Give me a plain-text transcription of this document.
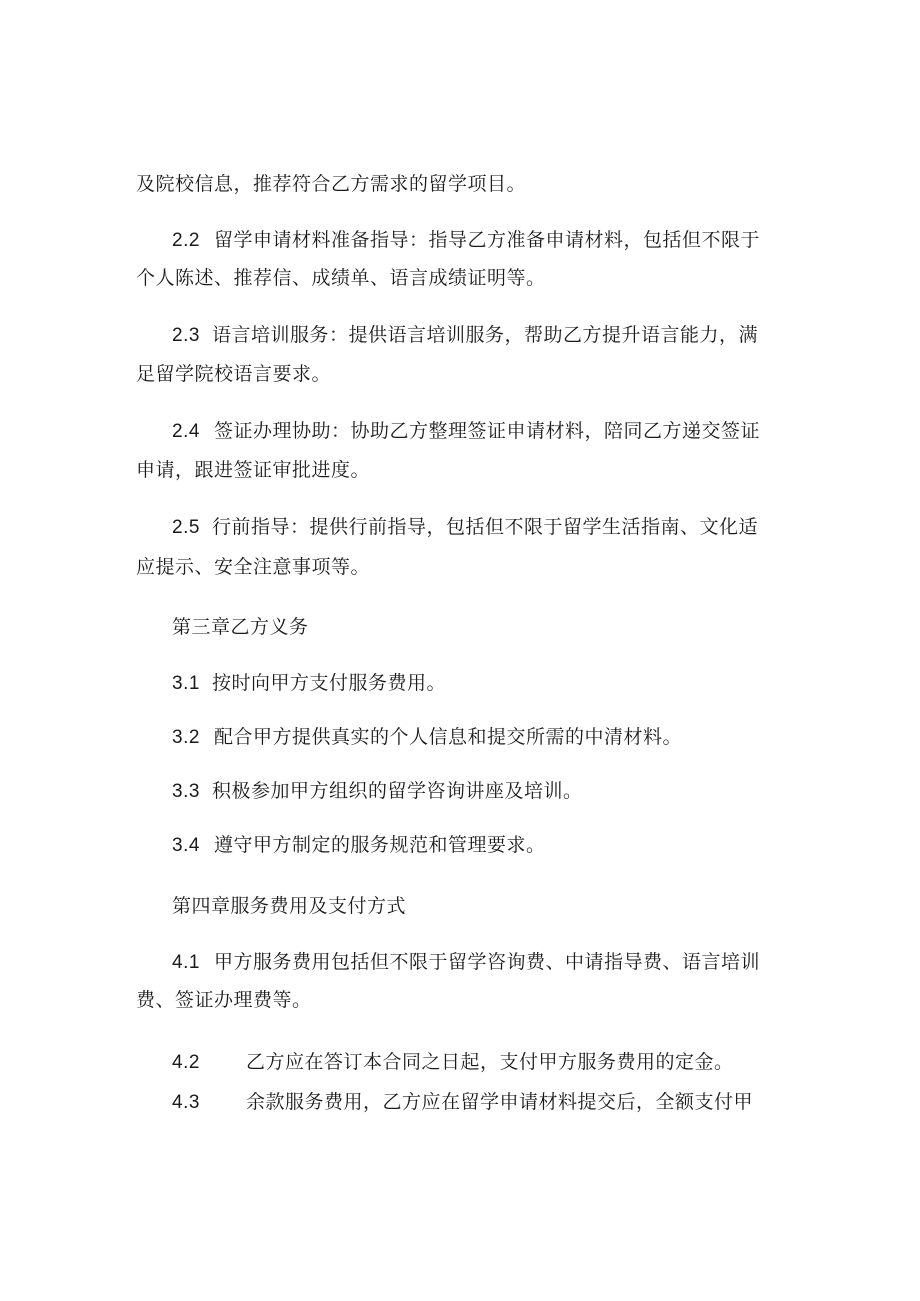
及院校信息，推荐符合乙方需求的留学项目。
2.2 留学申请材料准备指导：指导乙方准备申请材料，包括但不限于
个人陈述、推荐信、成绩单、语言成绩证明等。
2.3 语言培训服务：提供语言培训服务，帮助乙方提升语言能力，满
足留学院校语言要求。
2.4 签证办理协助：协助乙方整理签证申请材料，陪同乙方递交签证
申请，跟进签证审批进度。
2.5 行前指导：提供行前指导，包括但不限于留学生活指南、文化适
应提示、安全注意事项等。
第三章乙方义务
3.1 按时向甲方支付服务费用。
3.2 配合甲方提供真实的个人信息和提交所需的中清材料。
3.3 积极参加甲方组织的留学咨询讲座及培训。
3.4 遵守甲方制定的服务规范和管理要求。
第四章服务费用及支付方式
4.1 甲方服务费用包括但不限于留学咨询费、中请指导费、语言培训
费、签证办理费等。
4.2 乙方应在答订本合同之日起，支付甲方服务费用的定金。
4.3 余款服务费用，乙方应在留学申请材料提交后，全额支付甲
